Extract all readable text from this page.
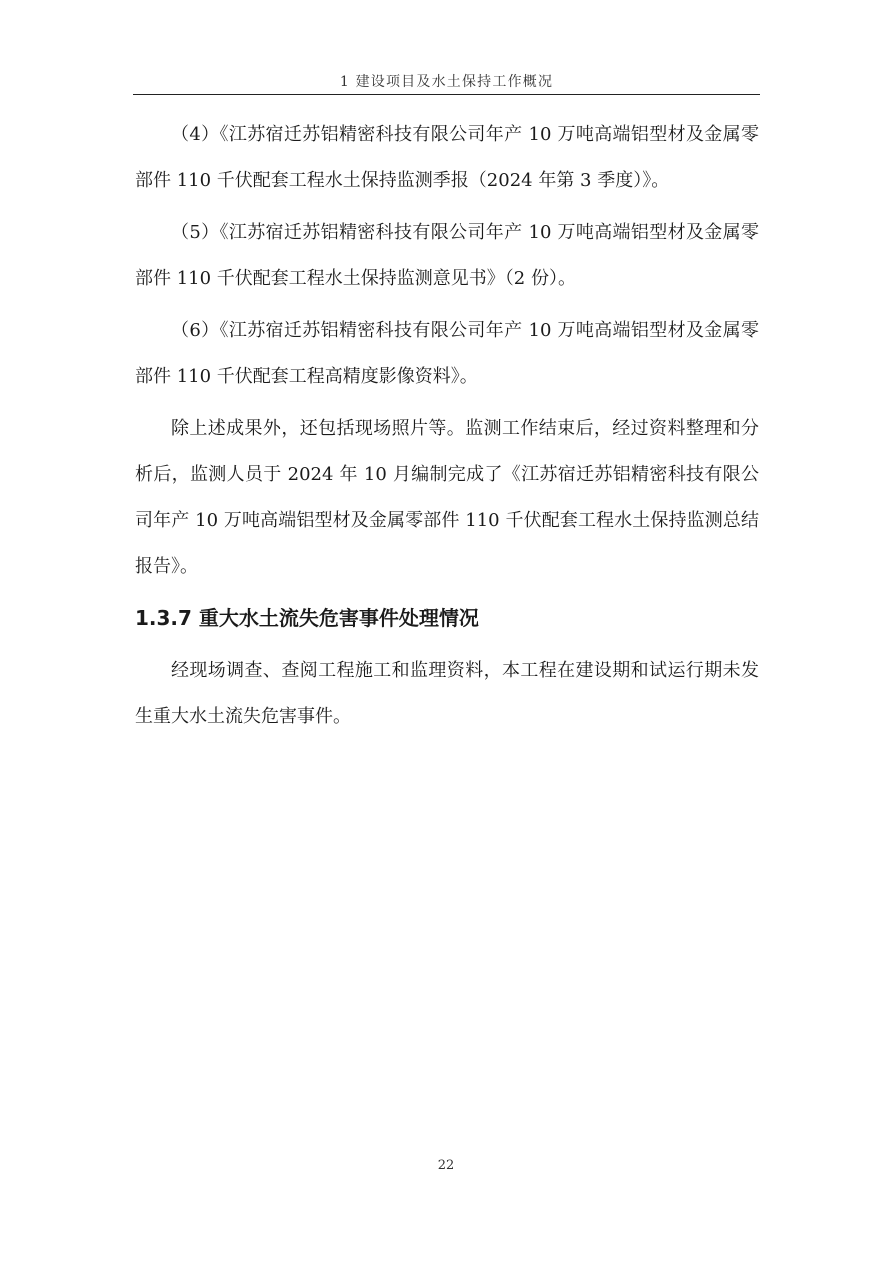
1 建设项目及水土保持工作概况

（4）《江苏宿迁苏铝精密科技有限公司年产 10 万吨高端铝型材及金属零部件 110 千伏配套工程水土保持监测季报（2024 年第 3 季度）》。

（5）《江苏宿迁苏铝精密科技有限公司年产 10 万吨高端铝型材及金属零部件 110 千伏配套工程水土保持监测意见书》（2 份）。

（6）《江苏宿迁苏铝精密科技有限公司年产 10 万吨高端铝型材及金属零部件 110 千伏配套工程高精度影像资料》。

除上述成果外，还包括现场照片等。监测工作结束后，经过资料整理和分析后，监测人员于 2024 年 10 月编制完成了《江苏宿迁苏铝精密科技有限公司年产 10 万吨高端铝型材及金属零部件 110 千伏配套工程水土保持监测总结报告》。

1.3.7 重大水土流失危害事件处理情况

经现场调查、查阅工程施工和监理资料，本工程在建设期和试运行期未发生重大水土流失危害事件。

22
